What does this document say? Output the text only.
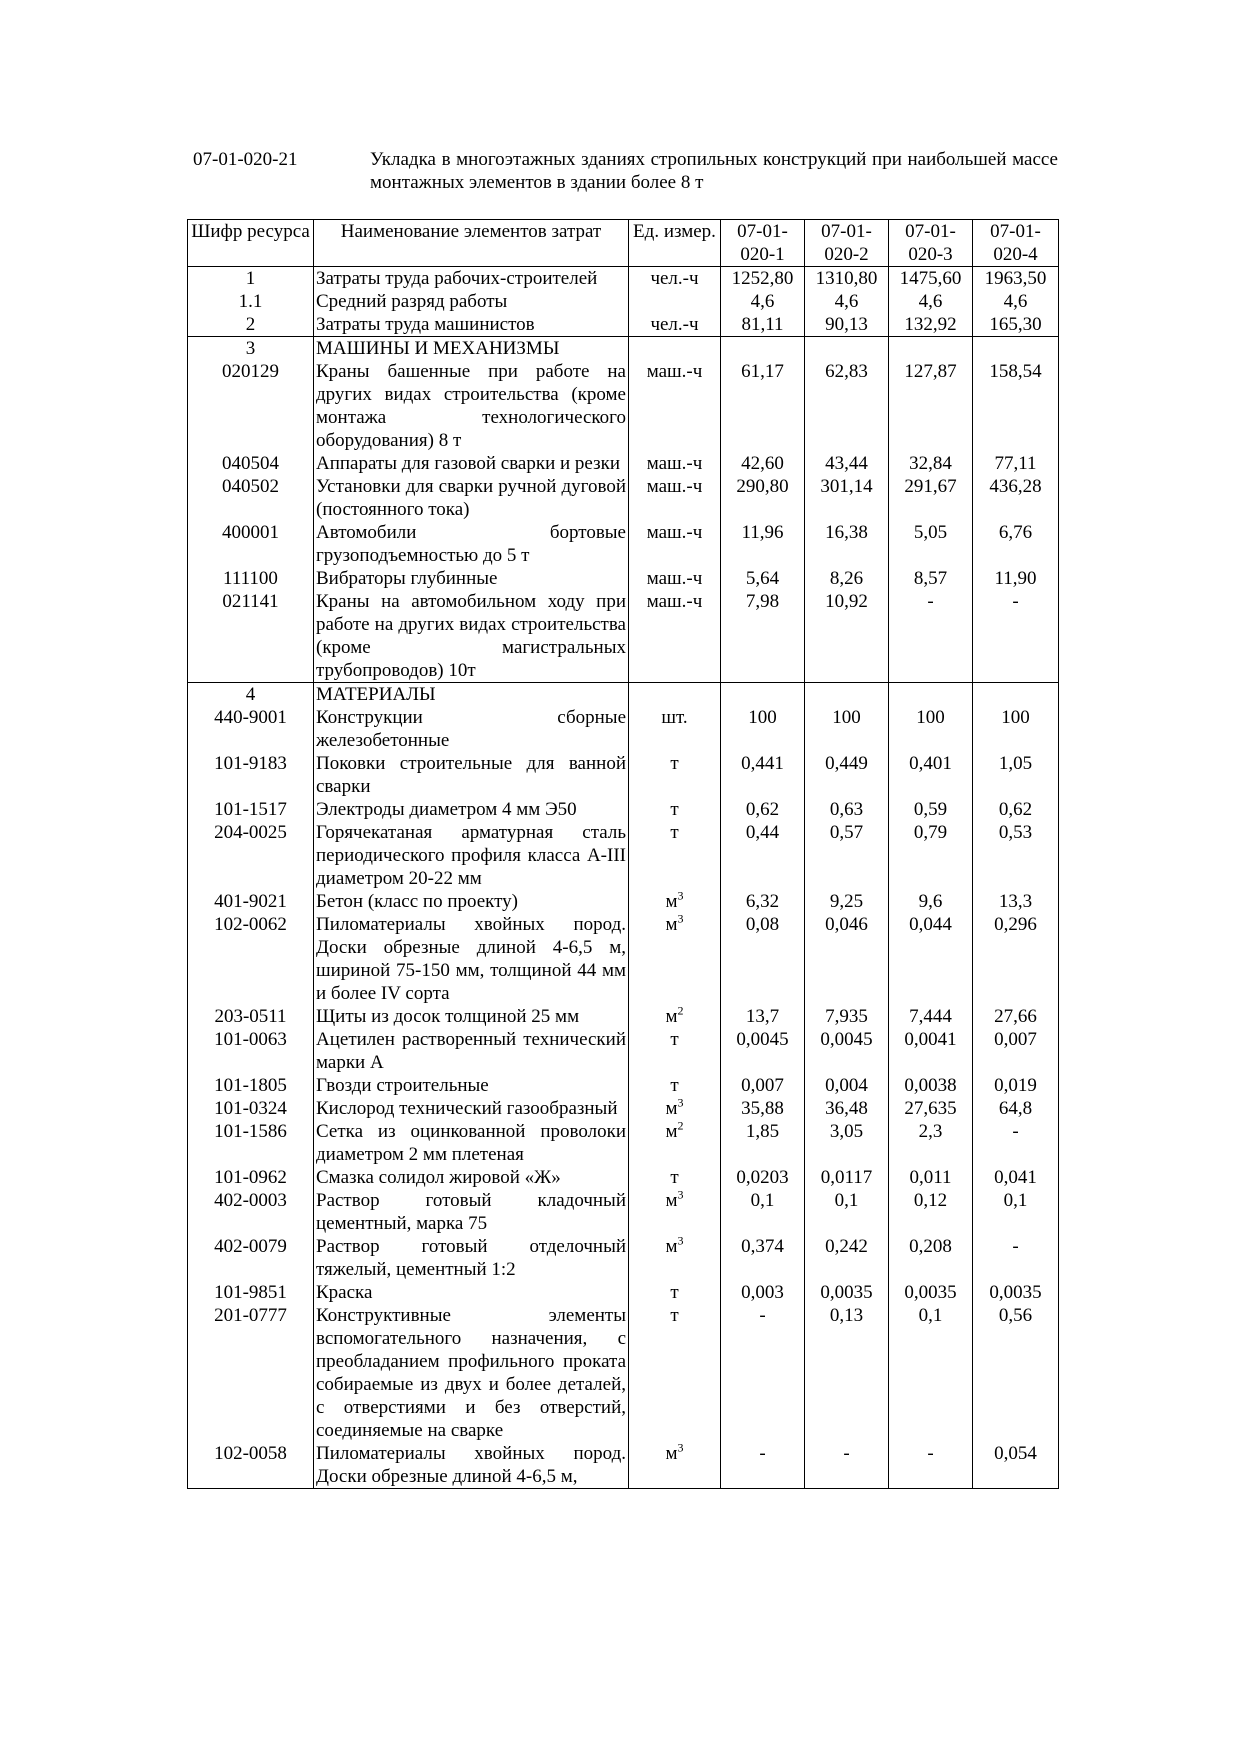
07-01-020-21	Укладка в многоэтажных зданиях стропильных конструкций при наибольшей массе монтажных элементов в здании более 8 т
Шифр ресурса	Наименование элементов затрат	Ед. измер.	07-01-020-1	07-01-020-2	07-01-020-3	07-01-020-4
1	Затраты труда рабочих-строителей	чел.-ч	1252,80	1310,80	1475,60	1963,50
1.1	Средний разряд работы		4,6	4,6	4,6	4,6
2	Затраты труда машинистов	чел.-ч	81,11	90,13	132,92	165,30
3	МАШИНЫ И МЕХАНИЗМЫ					
020129	Краны башенные при работе на других видах строительства (кроме монтажа технологического оборудования) 8 т	маш.-ч	61,17	62,83	127,87	158,54
040504	Аппараты для газовой сварки и резки	маш.-ч	42,60	43,44	32,84	77,11
040502	Установки для сварки ручной дуговой (постоянного тока)	маш.-ч	290,80	301,14	291,67	436,28
400001	Автомобили бортовые грузоподъемностью до 5 т	маш.-ч	11,96	16,38	5,05	6,76
111100	Вибраторы глубинные	маш.-ч	5,64	8,26	8,57	11,90
021141	Краны на автомобильном ходу при работе на других видах строительства (кроме магистральных трубопроводов) 10т	маш.-ч	7,98	10,92	-	-
4	МАТЕРИАЛЫ					
440-9001	Конструкции сборные железобетонные	шт.	100	100	100	100
101-9183	Поковки строительные для ванной сварки	т	0,441	0,449	0,401	1,05
101-1517	Электроды диаметром 4 мм Э50	т	0,62	0,63	0,59	0,62
204-0025	Горячекатаная арматурная сталь периодического профиля класса А-III диаметром 20-22 мм	т	0,44	0,57	0,79	0,53
401-9021	Бетон (класс по проекту)	$м^3$	6,32	9,25	9,6	13,3
102-0062	Пиломатериалы хвойных пород. Доски обрезные длиной 4-6,5 м, шириной 75-150 мм, толщиной 44 мм и более IV сорта	$м^3$	0,08	0,046	0,044	0,296
203-0511	Щиты из досок толщиной 25 мм	$м^2$	13,7	7,935	7,444	27,66
101-0063	Ацетилен растворенный технический марки А	т	0,0045	0,0045	0,0041	0,007
101-1805	Гвозди строительные	т	0,007	0,004	0,0038	0,019
101-0324	Кислород технический газообразный	$м^3$	35,88	36,48	27,635	64,8
101-1586	Сетка из оцинкованной проволоки диаметром 2 мм плетеная	$м^2$	1,85	3,05	2,3	-
101-0962	Смазка солидол жировой «Ж»	т	0,0203	0,0117	0,011	0,041
402-0003	Раствор готовый кладочный цементный, марка 75	$м^3$	0,1	0,1	0,12	0,1
402-0079	Раствор готовый отделочный тяжелый, цементный 1:2	$м^3$	0,374	0,242	0,208	-
101-9851	Краска	т	0,003	0,0035	0,0035	0,0035
201-0777	Конструктивные элементы вспомогательного назначения, с преобладанием профильного проката собираемые из двух и более деталей, с отверстиями и без отверстий, соединяемые на сварке	т	-	0,13	0,1	0,56
102-0058	Пиломатериалы хвойных пород. Доски обрезные длиной 4-6,5 м,	$м^3$	-	-	-	0,054
